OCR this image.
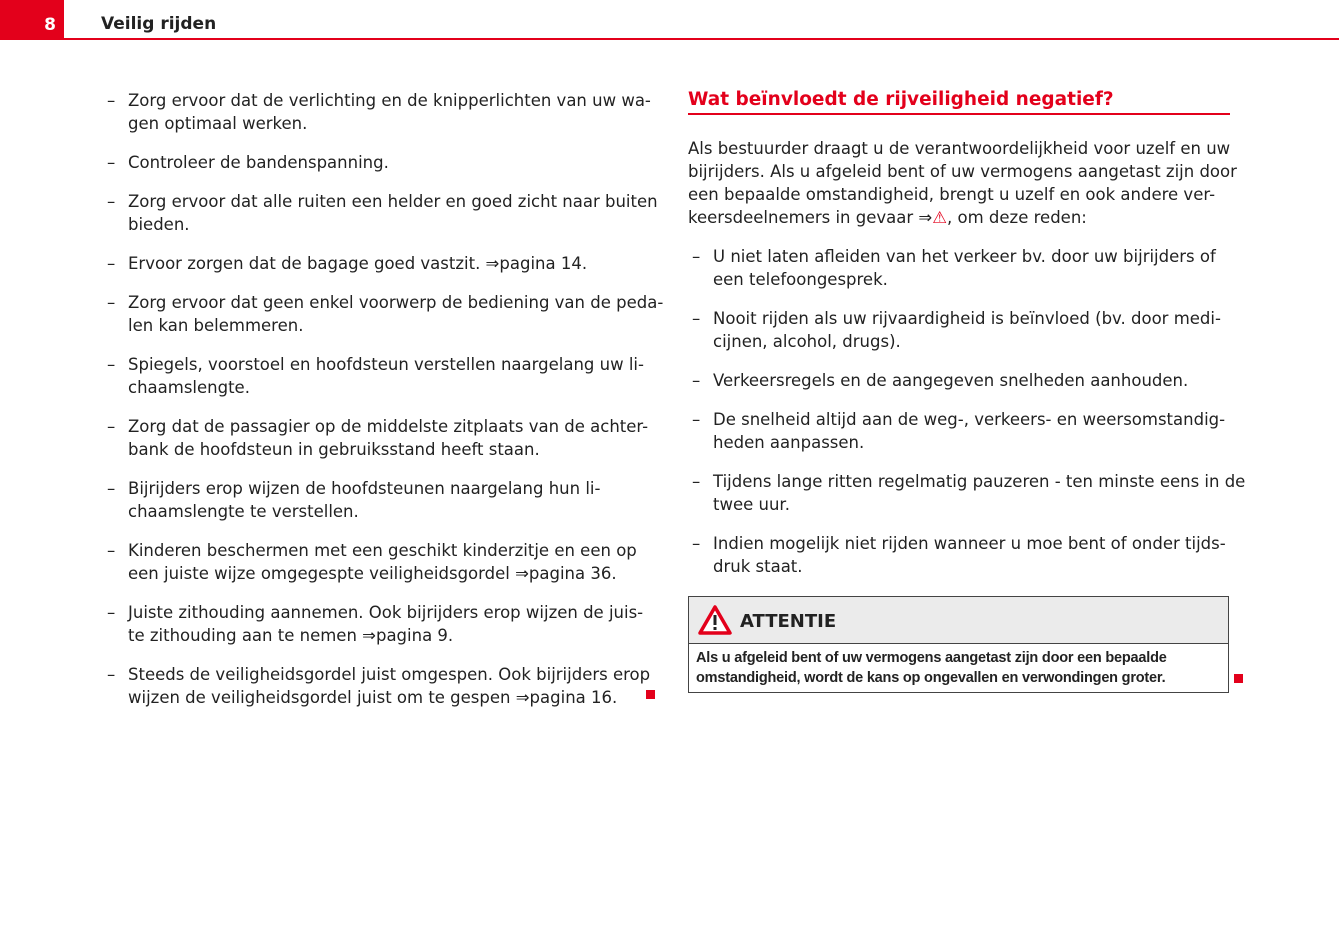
8	Veilig rijden
– Zorg ervoor dat de verlichting en de knipperlichten van uw wa-
gen optimaal werken.
– Controleer de bandenspanning.
– Zorg ervoor dat alle ruiten een helder en goed zicht naar buiten
bieden.
– Ervoor zorgen dat de bagage goed vastzit. ⇒pagina 14.
– Zorg ervoor dat geen enkel voorwerp de bediening van de peda-
len kan belemmeren.
– Spiegels, voorstoel en hoofdsteun verstellen naargelang uw li-
chaamslengte.
– Zorg dat de passagier op de middelste zitplaats van de achter-
bank de hoofdsteun in gebruiksstand heeft staan.
– Bijrijders erop wijzen de hoofdsteunen naargelang hun li-
chaamslengte te verstellen.
– Kinderen beschermen met een geschikt kinderzitje en een op
een juiste wijze omgegespte veiligheidsgordel ⇒pagina 36.
– Juiste zithouding aannemen. Ook bijrijders erop wijzen de juis-
te zithouding aan te nemen ⇒pagina 9.
– Steeds de veiligheidsgordel juist omgespen. Ook bijrijders erop
wijzen de veiligheidsgordel juist om te gespen ⇒pagina 16.
Wat beïnvloedt de rijveiligheid negatief?
Als bestuurder draagt u de verantwoordelijkheid voor uzelf en uw
bijrijders. Als u afgeleid bent of uw vermogens aangetast zijn door
een bepaalde omstandigheid, brengt u uzelf en ook andere ver-
keersdeelnemers in gevaar ⇒⚠, om deze reden:
– U niet laten afleiden van het verkeer bv. door uw bijrijders of
een telefoongesprek.
– Nooit rijden als uw rijvaardigheid is beïnvloed (bv. door medi-
cijnen, alcohol, drugs).
– Verkeersregels en de aangegeven snelheden aanhouden.
– De snelheid altijd aan de weg-, verkeers- en weersomstandig-
heden aanpassen.
– Tijdens lange ritten regelmatig pauzeren - ten minste eens in de
twee uur.
– Indien mogelijk niet rijden wanneer u moe bent of onder tijds-
druk staat.
ATTENTIE
Als u afgeleid bent of uw vermogens aangetast zijn door een bepaalde
omstandigheid, wordt de kans op ongevallen en verwondingen groter.
